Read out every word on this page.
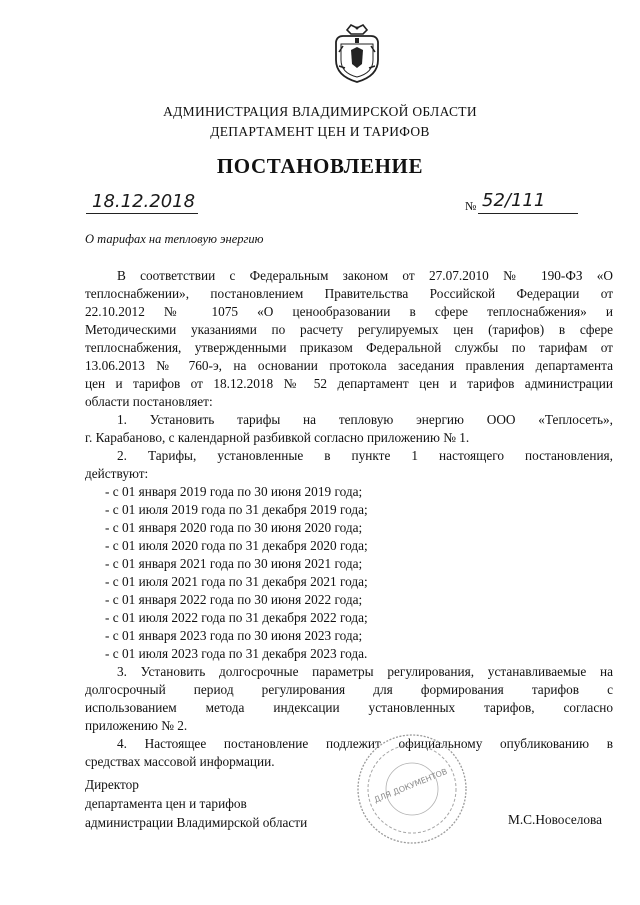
АДМИНИСТРАЦИЯ ВЛАДИМИРСКОЙ ОБЛАСТИ
ДЕПАРТАМЕНТ ЦЕН И ТАРИФОВ
ПОСТАНОВЛЕНИЕ
18.12.2018	№ 52/111
О тарифах на тепловую энергию

В соответствии с Федеральным законом от 27.07.2010 № 190-ФЗ «О

теплоснабжении», постановлением Правительства Российской Федерации от

22.10.2012 № 1075 «О ценообразовании в сфере теплоснабжения» и

Методическими указаниями по расчету регулируемых цен (тарифов) в сфере

теплоснабжения, утвержденными приказом Федеральной службы по тарифам от

13.06.2013 № 760-э, на основании протокола заседания правления департамента

цен и тарифов от 18.12.2018 № 52 департамент цен и тарифов администрации

области постановляет:

1. Установить тарифы на тепловую энергию ООО «Теплосеть»,

г. Карабаново, с календарной разбивкой согласно приложению № 1.

2. Тарифы, установленные в пункте 1 настоящего постановления,

действуют:

- с 01 января 2019 года по 30 июня 2019 года;

- с 01 июля 2019 года по 31 декабря 2019 года;

- с 01 января 2020 года по 30 июня 2020 года;

- с 01 июля 2020 года по 31 декабря 2020 года;

- с 01 января 2021 года по 30 июня 2021 года;

- с 01 июля 2021 года по 31 декабря 2021 года;

- с 01 января 2022 года по 30 июня 2022 года;

- с 01 июля 2022 года по 31 декабря 2022 года;

- с 01 января 2023 года по 30 июня 2023 года;

- с 01 июля 2023 года по 31 декабря 2023 года.

3. Установить долгосрочные параметры регулирования, устанавливаемые на

долгосрочный период регулирования для формирования тарифов с

использованием метода индексации установленных тарифов, согласно

приложению № 2.

4. Настоящее постановление подлежит официальному опубликованию в

средствах массовой информации.

Директор
департамента цен и тарифов
администрации Владимирской области
ДЛЯ ДОКУМЕНТОВ
М.С.Новоселова
